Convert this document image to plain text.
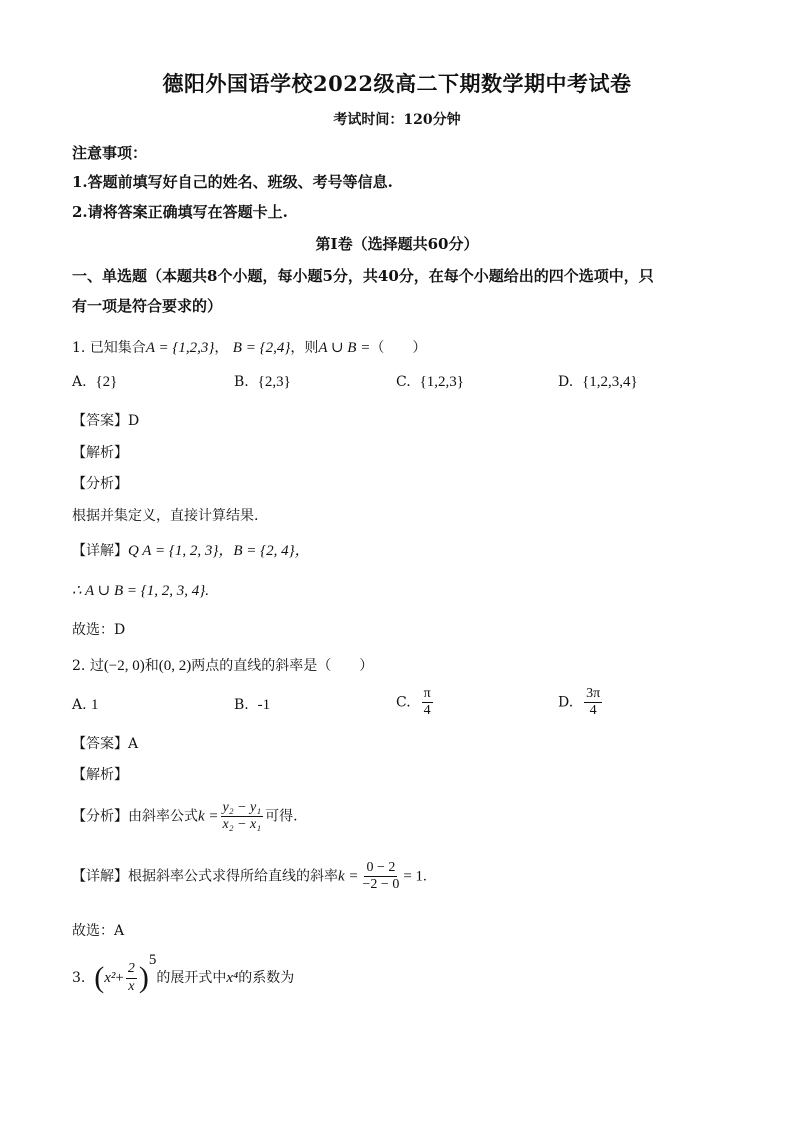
德阳外国语学校2022级高二下期数学期中考试卷
考试时间：120分钟
注意事项：
1.答题前填写好自己的姓名、班级、考号等信息.
2.请将答案正确填写在答题卡上.
第I卷（选择题共60分）
一、单选题（本题共8个小题，每小题5分，共40分，在每个小题给出的四个选项中，只
有一项是符合要求的）
1. 已知集合A = {1,2,3}， B = {2,4}，则A ∪ B =（　　）
A. {2}	B. {2,3}	C. {1,2,3}	D. {1,2,3,4}
【答案】D
【解析】
【分析】
根据并集定义，直接计算结果.
【详解】Q A = {1, 2, 3}，B = {2, 4}，
∴ A ∪ B = {1, 2, 3, 4}.
故选：D
2. 过(−2, 0)和(0, 2)两点的直线的斜率是（　　）
A. 1	B. -1	C. $\frac{\pi}{4}$	D. $\frac{3\pi}{4}$
【答案】A
【解析】
【分析】由斜率公式$k = \frac{\text{y₂ − y₁}}{\text{x₂ − x₁}}$ 可得.
【详解】根据斜率公式求得所给直线的斜率$k = \frac{0 - 2}{-2 - 0} = 1$.
故选：A
3. $(x^2+ \frac{2}{x} )^5$的展开式中x⁴的系数为
